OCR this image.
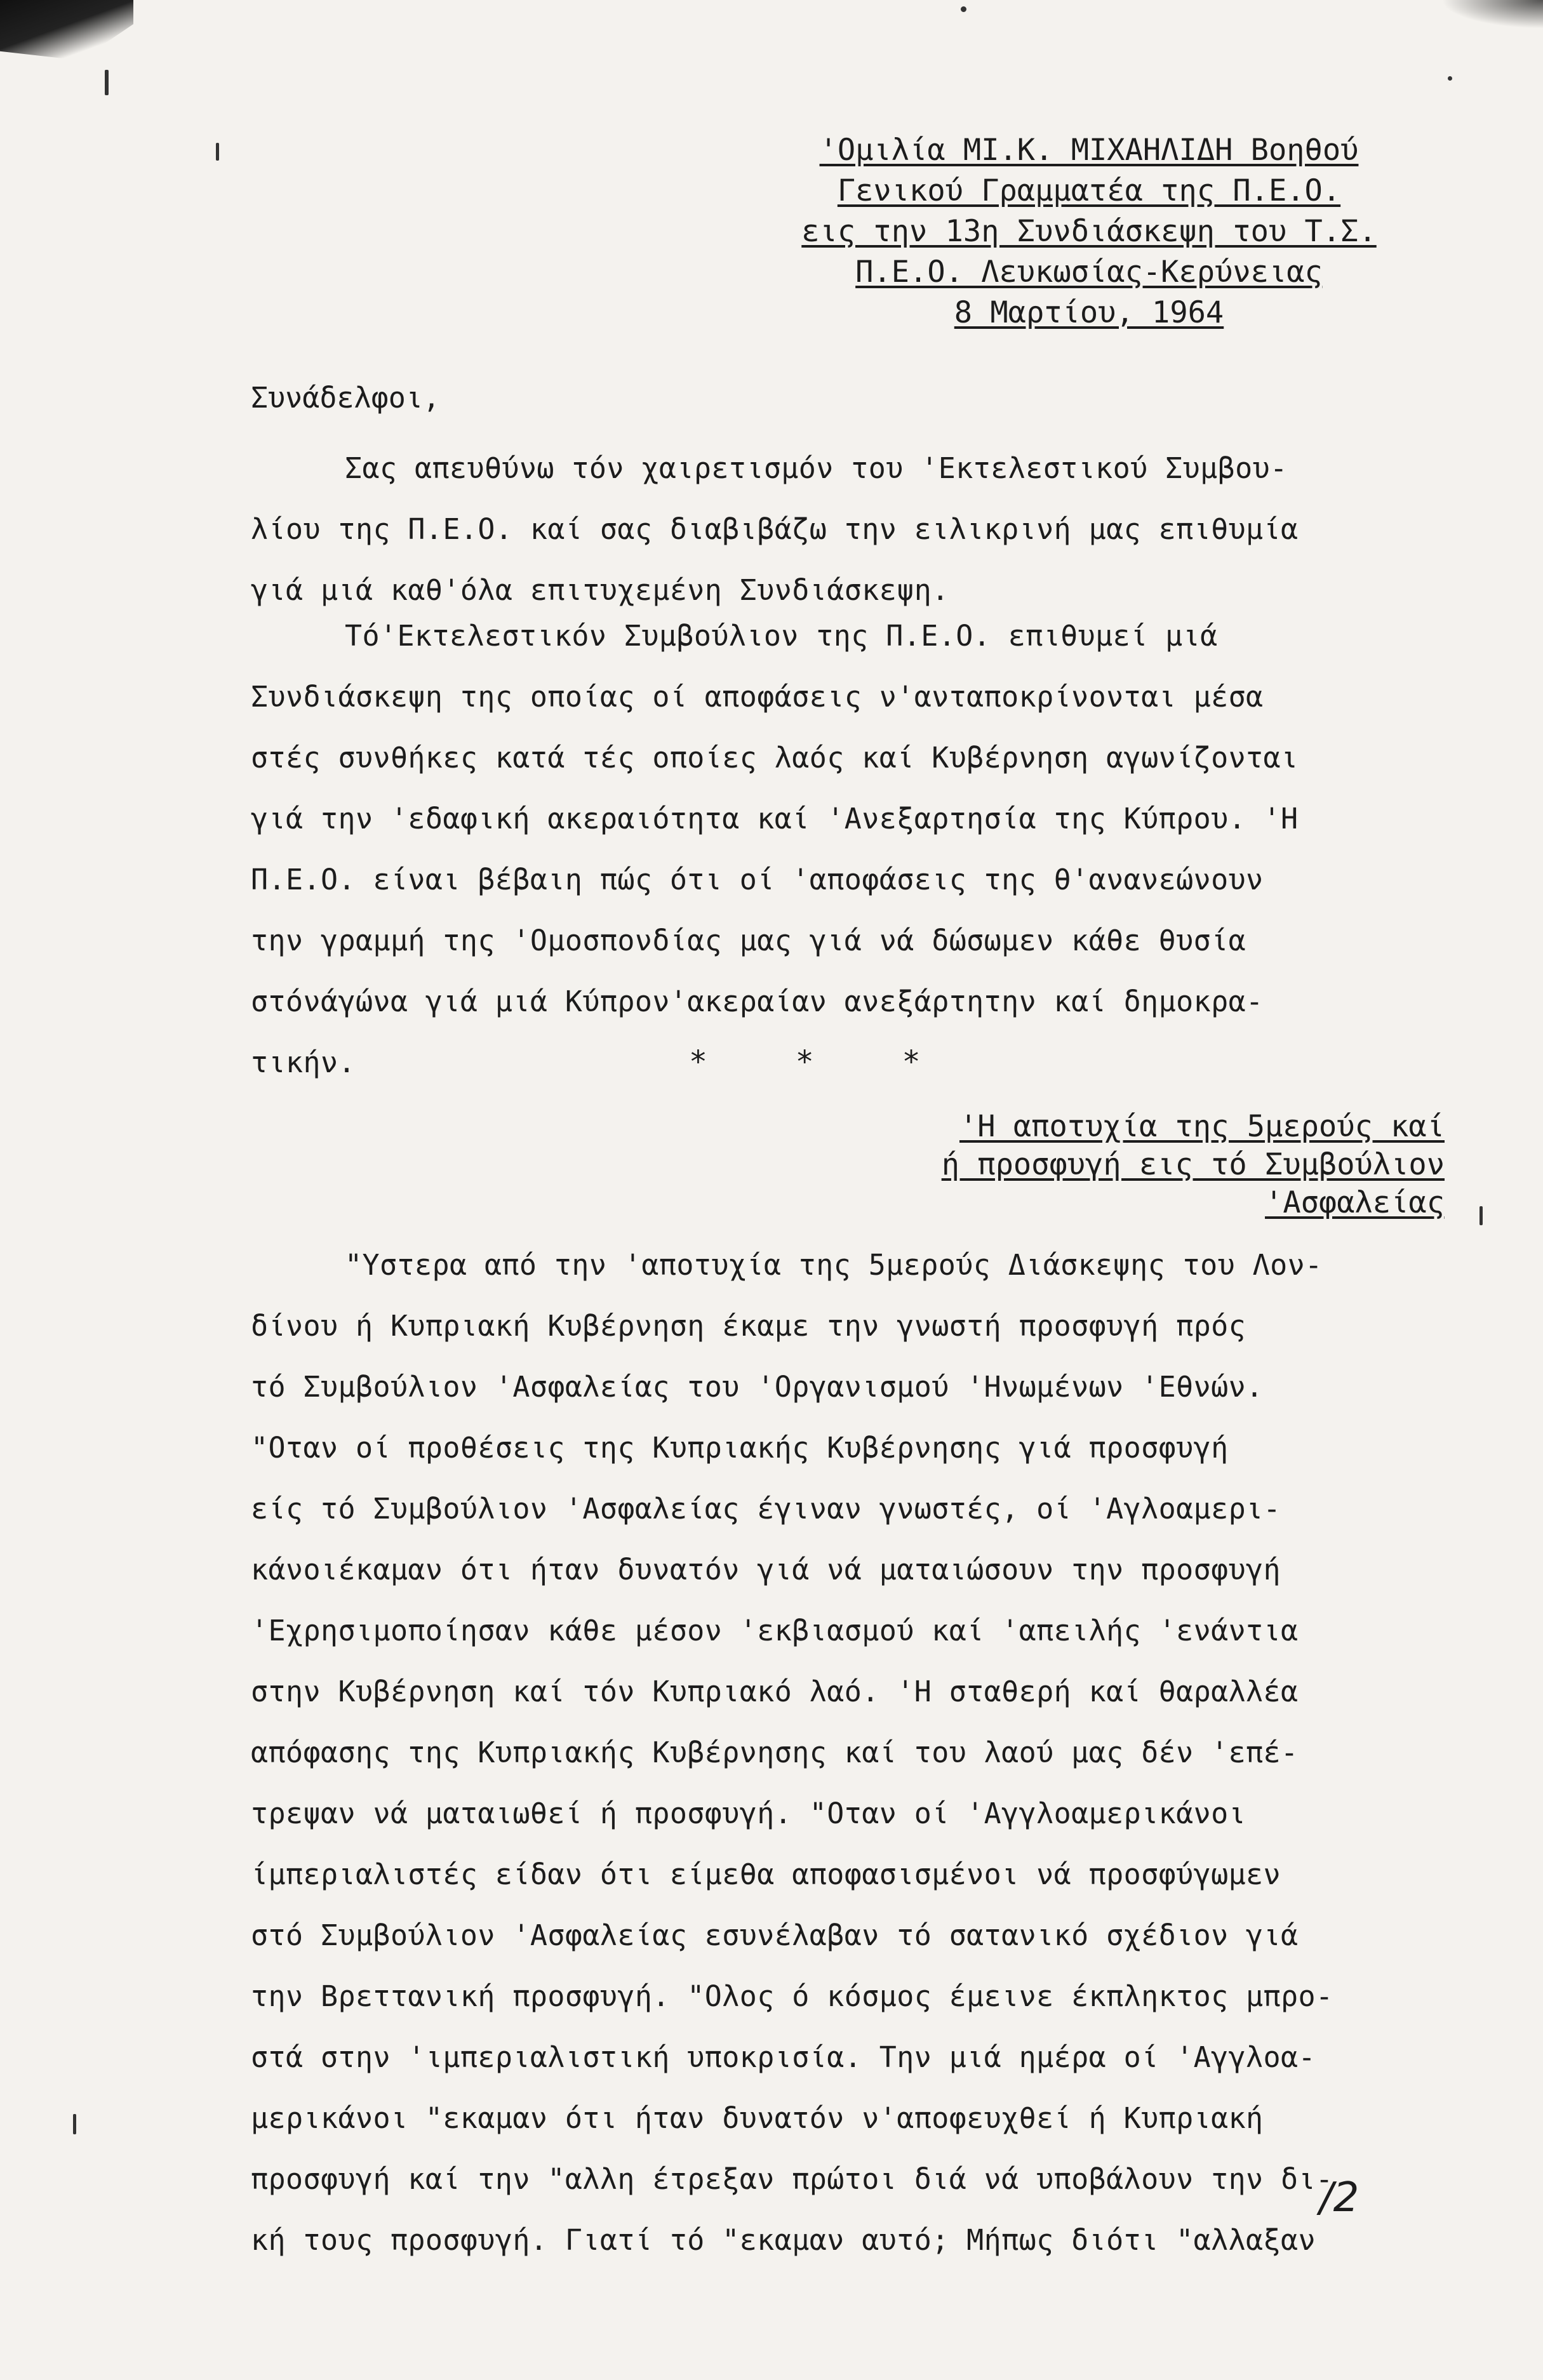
'Ομιλία ΜΙ.Κ. ΜΙΧΑΗΛΙΔΗ Βοηθού
Γενικού Γραμματέα της Π.Ε.Ο.
εις την 13η Συνδιάσκεψη του Τ.Σ.
Π.Ε.Ο. Λευκωσίας-Κερύνειας
8 Μαρτίου, 1964
Συνάδελφοι,
Σας απευθύνω τόν χαιρετισμόν του 'Εκτελεστικού Συμβου-
λίου της Π.Ε.Ο. καί σας διαβιβάζω την ειλικρινή μας επιθυμία
γιά μιά καθ'όλα επιτυχεμένη Συνδιάσκεψη.
Τό'Εκτελεστικόν Συμβούλιον της Π.Ε.Ο. επιθυμεί μιά
Συνδιάσκεψη της οποίας οί αποφάσεις ν'ανταποκρίνονται μέσα
στές συνθήκες κατά τές οποίες λαός καί Κυβέρνηση αγωνίζονται
γιά την 'εδαφική ακεραιότητα καί 'Ανεξαρτησία της Κύπρου. 'Η
Π.Ε.Ο. είναι βέβαιη πώς ότι οί 'αποφάσεις της θ'ανανεώνουν
την γραμμή της 'Ομοσπονδίας μας γιά νά δώσωμεν κάθε θυσία
στόνάγώνα γιά μιά Κύπρον'ακεραίαν ανεξάρτητην καί δημοκρα-
τικήν.	* * *
'Η αποτυχία της 5μερούς καί
ή προσφυγή εις τό Συμβούλιον
'Ασφαλείας
"Υστερα από την 'αποτυχία της 5μερούς Διάσκεψης του Λον-
δίνου ή Κυπριακή Κυβέρνηση έκαμε την γνωστή προσφυγή πρός
τό Συμβούλιον 'Ασφαλείας του 'Οργανισμού 'Ηνωμένων 'Εθνών.
"Οταν οί προθέσεις της Κυπριακής Κυβέρνησης γιά προσφυγή
είς τό Συμβούλιον 'Ασφαλείας έγιναν γνωστές, οί 'Αγλοαμερι-
κάνοιέκαμαν ότι ήταν δυνατόν γιά νά ματαιώσουν την προσφυγή
'Εχρησιμοποίησαν κάθε μέσον 'εκβιασμού καί 'απειλής 'ενάντια
στην Κυβέρνηση καί τόν Κυπριακό λαό. 'Η σταθερή καί θαραλλέα
απόφασης της Κυπριακής Κυβέρνησης καί του λαού μας δέν 'επέ-
τρεψαν νά ματαιωθεί ή προσφυγή. "Οταν οί 'Αγγλοαμερικάνοι
ίμπεριαλιστές είδαν ότι είμεθα αποφασισμένοι νά προσφύγωμεν
στό Συμβούλιον 'Ασφαλείας εσυνέλαβαν τό σατανικό σχέδιον γιά
την Βρεττανική προσφυγή. "Ολος ό κόσμος έμεινε έκπληκτος μπρο-
στά στην 'ιμπεριαλιστική υποκρισία. Την μιά ημέρα οί 'Αγγλοα-
μερικάνοι "εκαμαν ότι ήταν δυνατόν ν'αποφευχθεί ή Κυπριακή
προσφυγή καί την "αλλη έτρεξαν πρώτοι διά νά υποβάλουν την δι-
κή τους προσφυγή. Γιατί τό "εκαμαν αυτό; Μήπως διότι "αλλαξαν
/2
